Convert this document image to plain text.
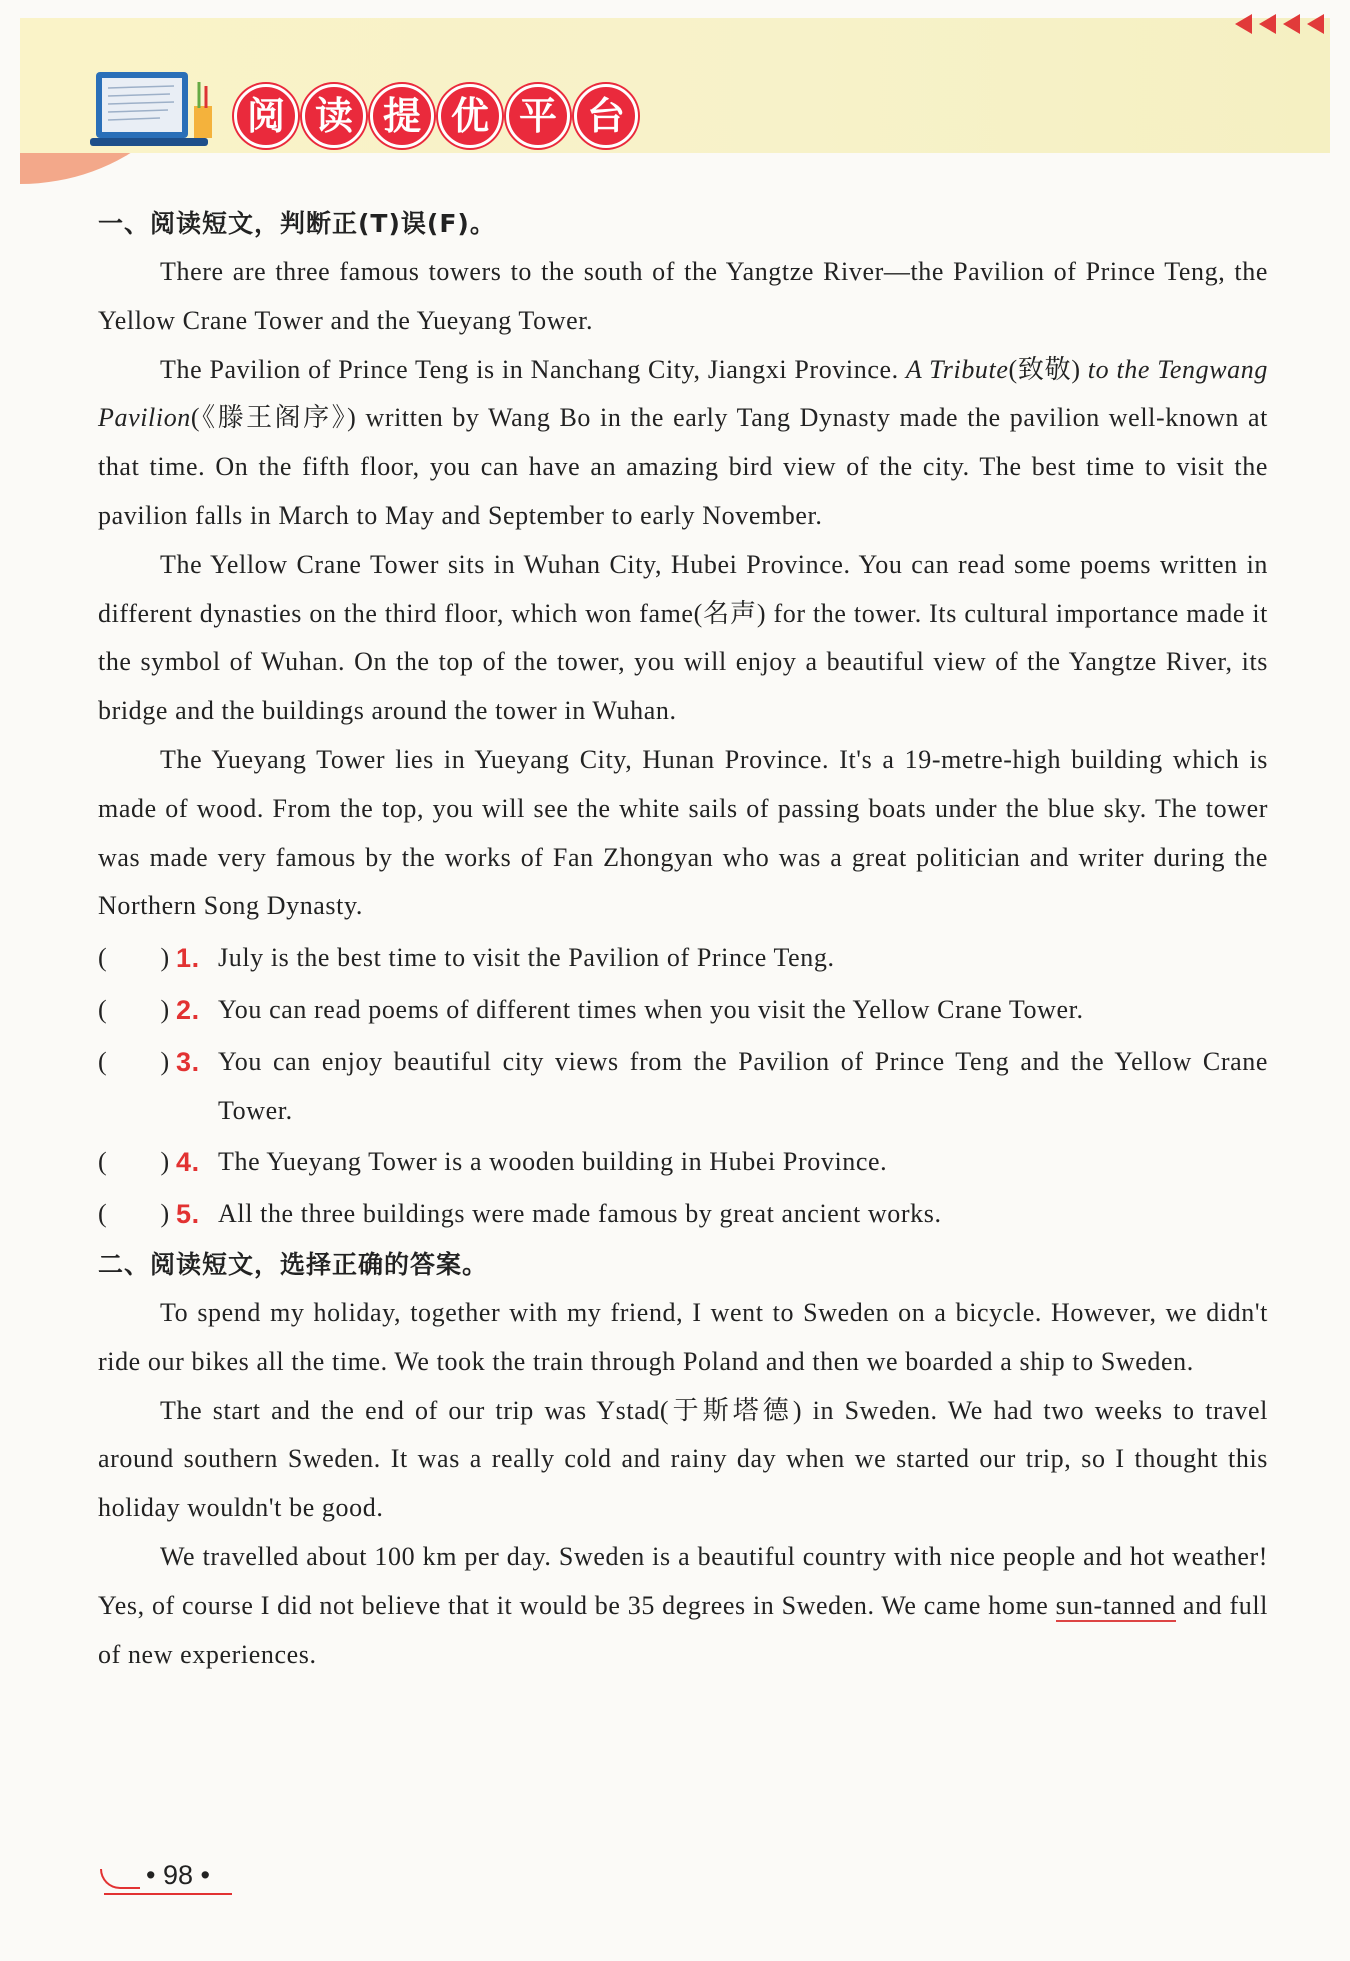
阅 读 提 优 平 台

一、阅读短文，判断正(T)误(F)。

There are three famous towers to the south of the Yangtze River—the Pavilion of Prince Teng, the Yellow Crane Tower and the Yueyang Tower.

The Pavilion of Prince Teng is in Nanchang City, Jiangxi Province. A Tribute(致敬) to the Tengwang Pavilion(《滕王阁序》) written by Wang Bo in the early Tang Dynasty made the pavilion well-known at that time. On the fifth floor, you can have an amazing bird view of the city. The best time to visit the pavilion falls in March to May and September to early November.

The Yellow Crane Tower sits in Wuhan City, Hubei Province. You can read some poems written in different dynasties on the third floor, which won fame(名声) for the tower. Its cultural importance made it the symbol of Wuhan. On the top of the tower, you will enjoy a beautiful view of the Yangtze River, its bridge and the buildings around the tower in Wuhan.

The Yueyang Tower lies in Yueyang City, Hunan Province. It's a 19-metre-high building which is made of wood. From the top, you will see the white sails of passing boats under the blue sky. The tower was made very famous by the works of Fan Zhongyan who was a great politician and writer during the Northern Song Dynasty.

(　　) 1. July is the best time to visit the Pavilion of Prince Teng.
(　　) 2. You can read poems of different times when you visit the Yellow Crane Tower.
(　　) 3. You can enjoy beautiful city views from the Pavilion of Prince Teng and the Yellow Crane Tower.
(　　) 4. The Yueyang Tower is a wooden building in Hubei Province.
(　　) 5. All the three buildings were made famous by great ancient works.

二、阅读短文，选择正确的答案。

To spend my holiday, together with my friend, I went to Sweden on a bicycle. However, we didn't ride our bikes all the time. We took the train through Poland and then we boarded a ship to Sweden.

The start and the end of our trip was Ystad(于斯塔德) in Sweden. We had two weeks to travel around southern Sweden. It was a really cold and rainy day when we started our trip, so I thought this holiday wouldn't be good.

We travelled about 100 km per day. Sweden is a beautiful country with nice people and hot weather! Yes, of course I did not believe that it would be 35 degrees in Sweden. We came home sun-tanned and full of new experiences.

• 98 •
